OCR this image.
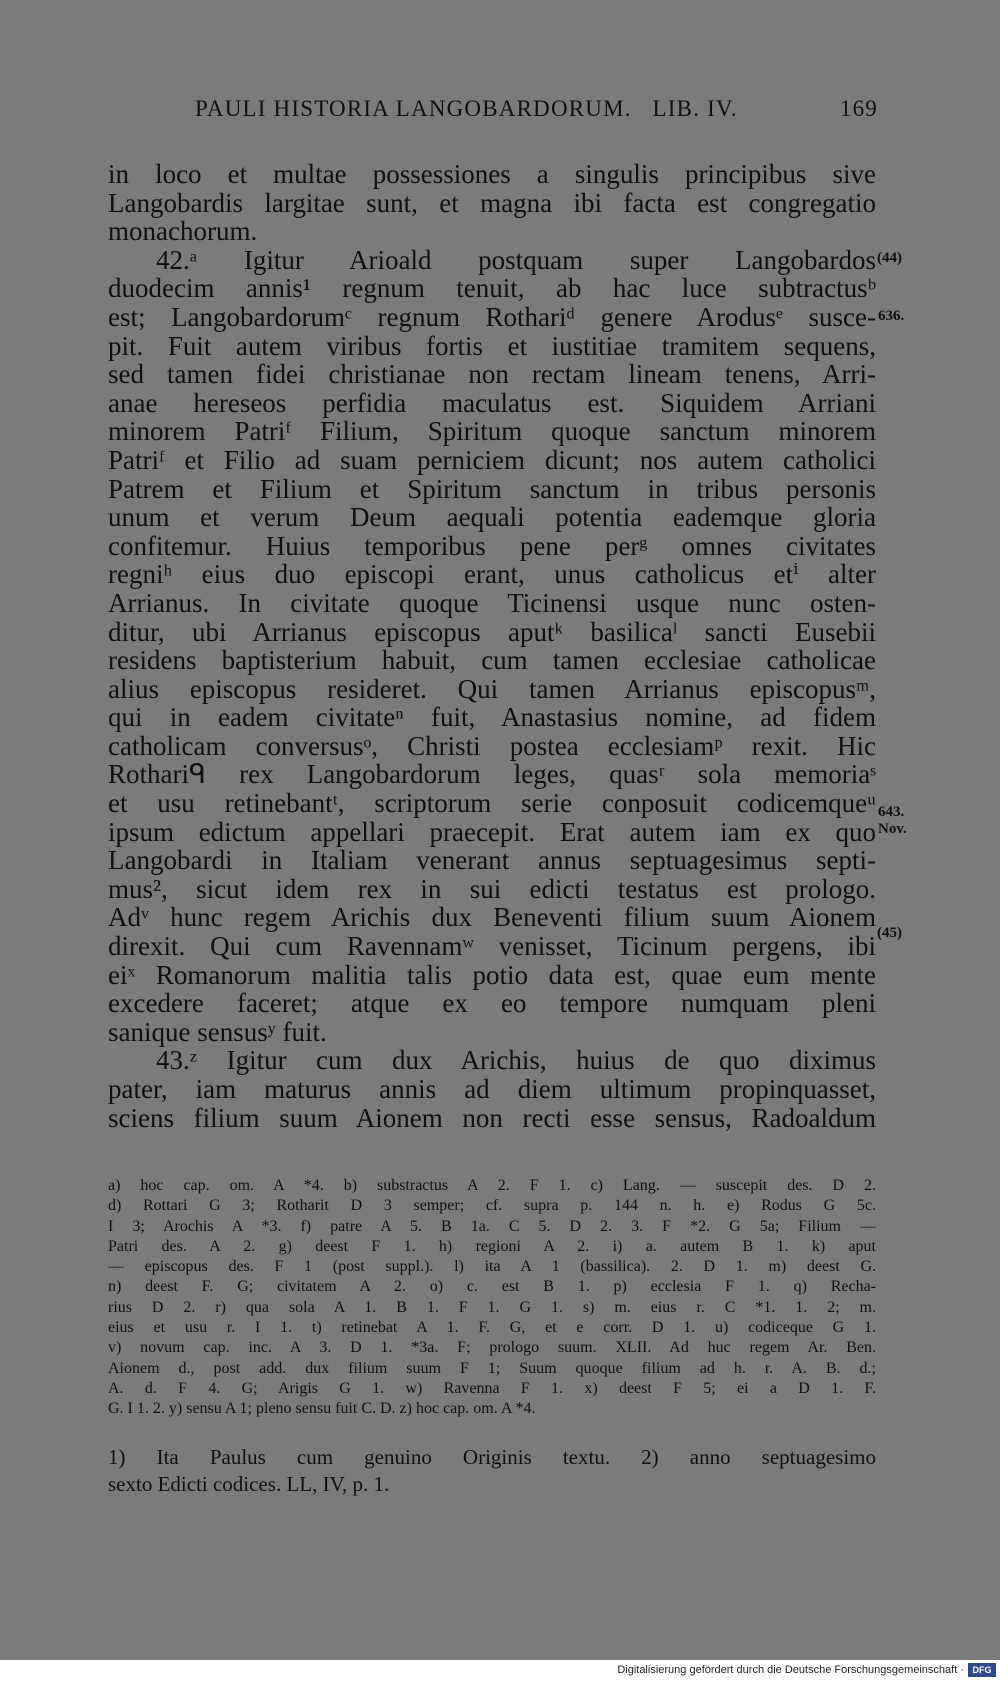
PAULI HISTORIA LANGOBARDORUM.   LIB. IV.	169
(44)
636.
643.
Nov.
(45)
in loco et multae possessiones a singulis principibus sive
Langobardis largitae sunt, et magna ibi facta est congregatio
monachorum.
42.ᵃ Igitur Arioald postquam super Langobardos
duodecim annis¹ regnum tenuit, ab hac luce subtractusᵇ
est; Langobardorumᶜ regnum Rothariᵈ genere Arodusᵉ susce-
pit. Fuit autem viribus fortis et iustitiae tramitem sequens,
sed tamen fidei christianae non rectam lineam tenens, Arri-
anae hereseos perfidia maculatus est. Siquidem Arriani
minorem Patriᶠ Filium, Spiritum quoque sanctum minorem
Patriᶠ et Filio ad suam perniciem dicunt; nos autem catholici
Patrem et Filium et Spiritum sanctum in tribus personis
unum et verum Deum aequali potentia eademque gloria
confitemur. Huius temporibus pene perᵍ omnes civitates
regniʰ eius duo episcopi erant, unus catholicus etⁱ alter
Arrianus. In civitate quoque Ticinensi usque nunc osten-
ditur, ubi Arrianus episcopus aputᵏ basilicaˡ sancti Eusebii
residens baptisterium habuit, cum tamen ecclesiae catholicae
alius episcopus resideret. Qui tamen Arrianus episcopusᵐ,
qui in eadem civitateⁿ fuit, Anastasius nomine, ad fidem
catholicam conversusᵒ, Christi postea ecclesiamᵖ rexit. Hic
Rothariᑫ rex Langobardorum leges, quasʳ sola memoriaˢ
et usu retinebantᵗ, scriptorum serie conposuit codicemqueᵘ
ipsum edictum appellari praecepit. Erat autem iam ex quo
Langobardi in Italiam venerant annus septuagesimus septi-
mus², sicut idem rex in sui edicti testatus est prologo.
Adᵛ hunc regem Arichis dux Beneventi filium suum Aionem
direxit. Qui cum Ravennamʷ venisset, Ticinum pergens, ibi
eiˣ Romanorum malitia talis potio data est, quae eum mente
excedere faceret; atque ex eo tempore numquam pleni
sanique sensusʸ fuit.
43.ᶻ Igitur cum dux Arichis, huius de quo diximus
pater, iam maturus annis ad diem ultimum propinquasset,
sciens filium suum Aionem non recti esse sensus, Radoaldum
a) hoc cap. om. A *4. b) substractus A 2. F 1. c) Lang. — suscepit des. D 2.
d) Rottari G 3; Rotharit D 3 semper; cf. supra p. 144 n. h. e) Rodus G 5c.
I 3; Arochis A *3. f) patre A 5. B 1a. C 5. D 2. 3. F *2. G 5a; Filium —
Patri des. A 2. g) deest F 1. h) regioni A 2. i) a. autem B 1. k) aput
— episcopus des. F 1 (post suppl.). l) ita A 1 (bassilica). 2. D 1. m) deest G.
n) deest F. G; civitatem A 2. o) c. est B 1. p) ecclesia F 1. q) Recha-
rius D 2. r) qua sola A 1. B 1. F 1. G 1. s) m. eius r. C *1. 1. 2; m.
eius et usu r. I 1. t) retinebat A 1. F. G, et e corr. D 1. u) codiceque G 1.
v) novum cap. inc. A 3. D 1. *3a. F; prologo suum. XLII. Ad huc regem Ar. Ben.
Aionem d., post add. dux filium suum F 1; Suum quoque filium ad h. r. A. B. d.;
A. d. F 4. G; Arigis G 1. w) Ravenna F 1. x) deest F 5; ei a D 1. F.
G. I 1. 2. y) sensu A 1; pleno sensu fuit C. D. z) hoc cap. om. A *4.
1) Ita Paulus cum genuino Originis textu. 2) anno septuagesimo
sexto Edicti codices. LL, IV, p. 1.
Digitalisierung gefördert durch die Deutsche Forschungsgemeinschaft · DFG
